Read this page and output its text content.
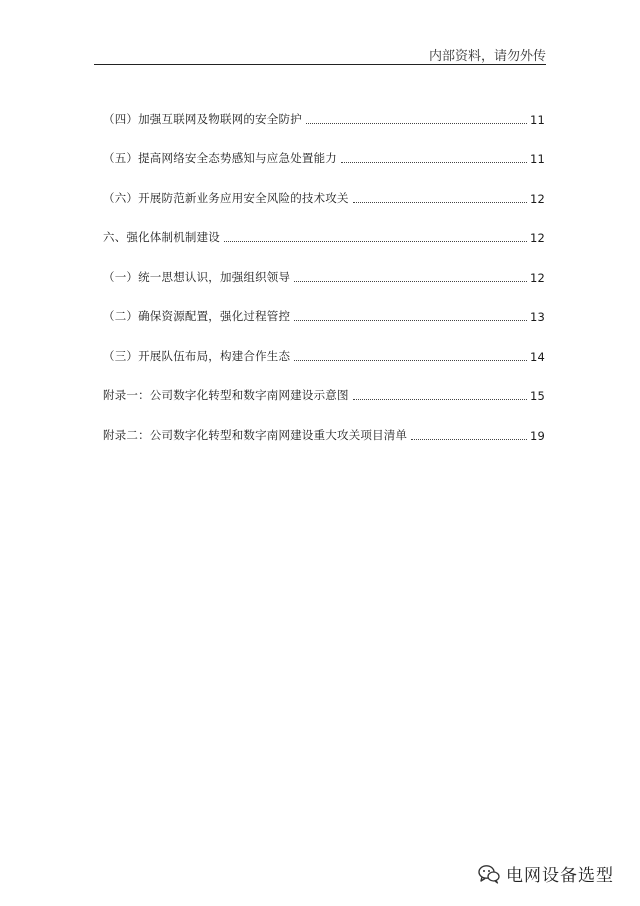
内部资料，请勿外传
（四）加强互联网及物联网的安全防护	11
（五）提高网络安全态势感知与应急处置能力	11
（六）开展防范新业务应用安全风险的技术攻关	12
六、强化体制机制建设	12
（一）统一思想认识，加强组织领导	12
（二）确保资源配置，强化过程管控	13
（三）开展队伍布局，构建合作生态	14
附录一：公司数字化转型和数字南网建设示意图	15
附录二：公司数字化转型和数字南网建设重大攻关项目清单	19
电网设备选型
